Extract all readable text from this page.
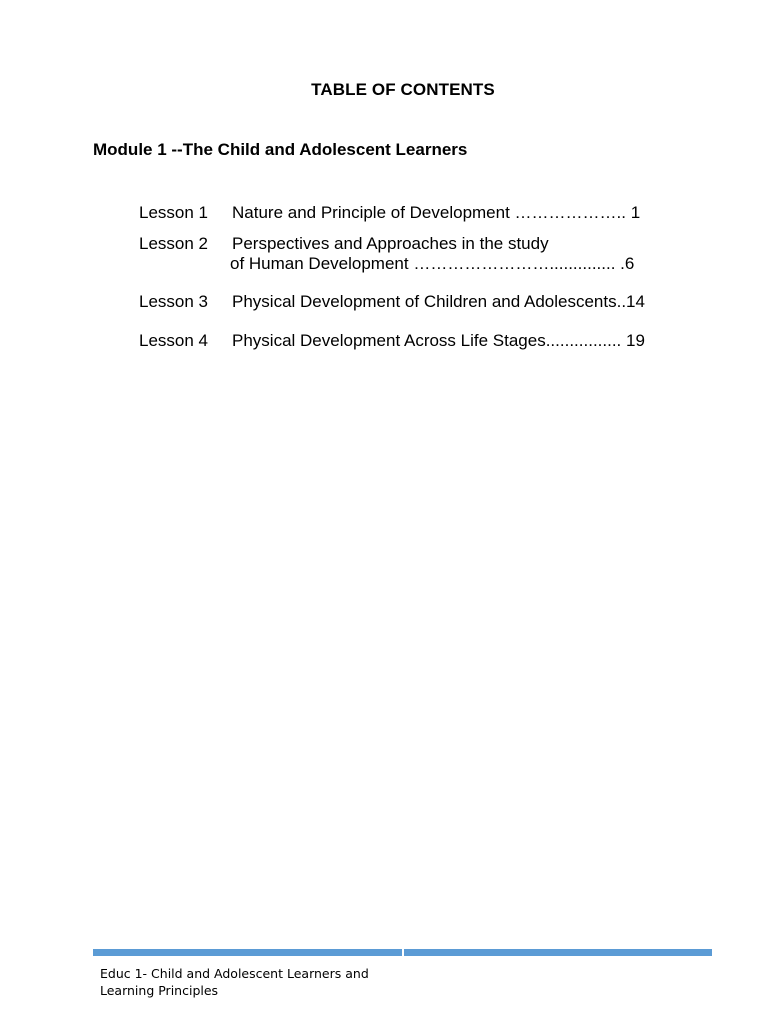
TABLE OF CONTENTS
Module 1 --The Child and Adolescent Learners
Lesson 1 Nature and Principle of Development ……………….. 1
Lesson 2 Perspectives and Approaches in the study
of Human Development …………………….............. .6
Lesson 3 Physical Development of Children and Adolescents..14
Lesson 4 Physical Development Across Life Stages................ 19
Educ 1- Child and Adolescent Learners and Learning Principles
